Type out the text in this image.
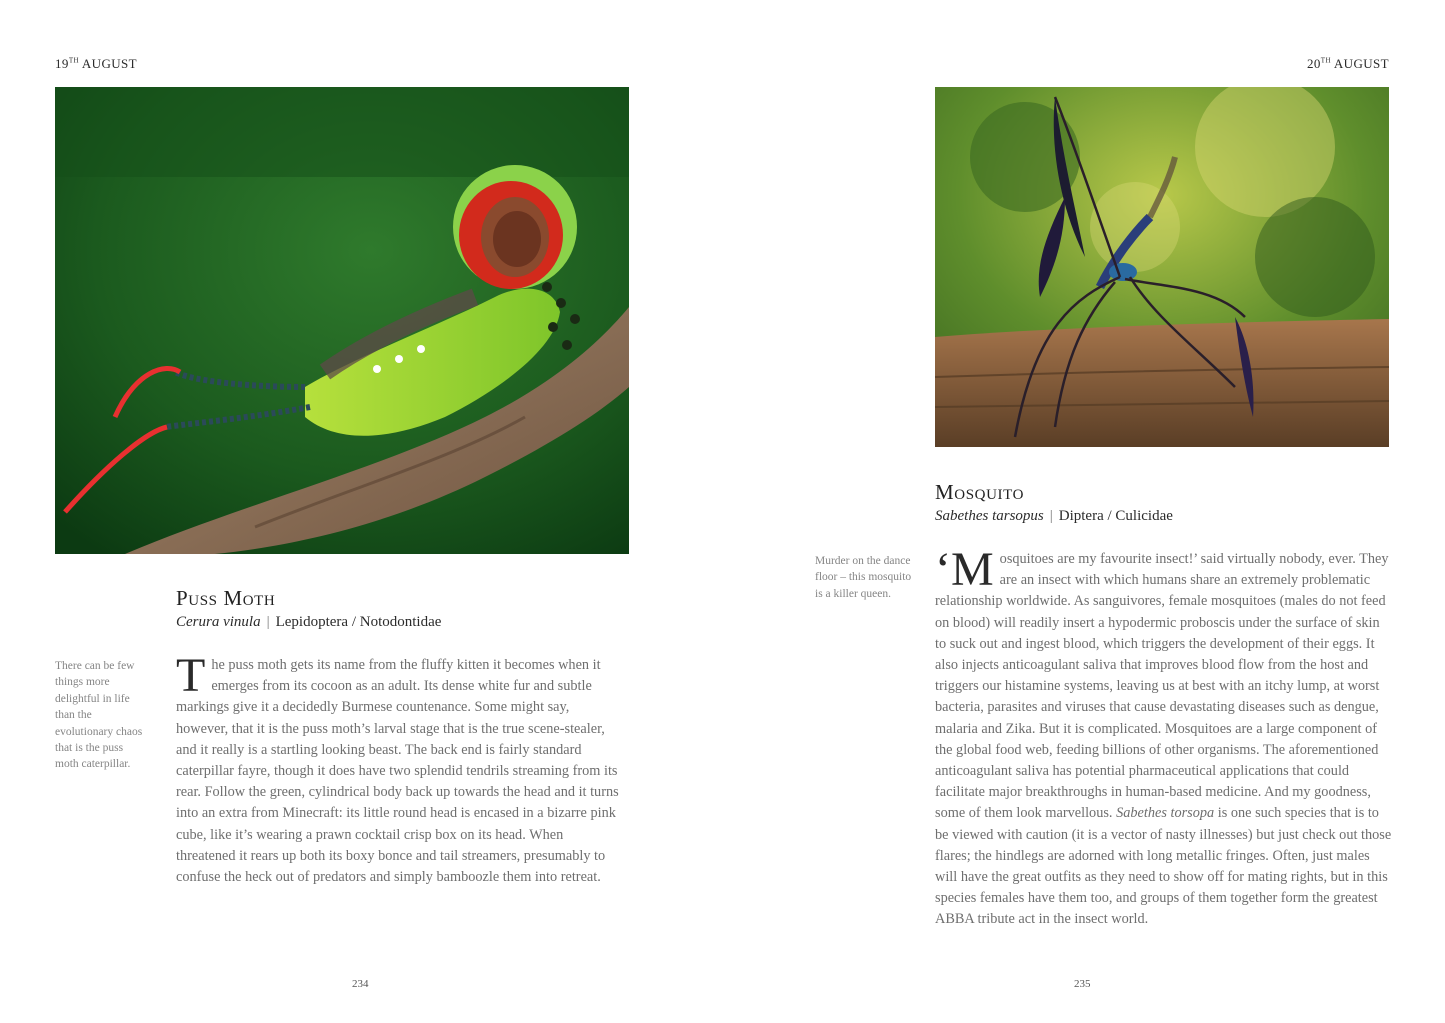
19TH AUGUST
Puss Moth
Cerura vinula | Lepidoptera / Notodontidae
There can be few things more delightful in life than the evolutionary chaos that is the puss moth caterpillar.
The puss moth gets its name from the fluffy kitten it becomes when it emerges from its cocoon as an adult. Its dense white fur and subtle markings give it a decidedly Burmese countenance. Some might say, however, that it is the puss moth’s larval stage that is the true scene-stealer, and it really is a startling looking beast. The back end is fairly standard caterpillar fayre, though it does have two splendid tendrils streaming from its rear. Follow the green, cylindrical body back up towards the head and it turns into an extra from Minecraft: its little round head is encased in a bizarre pink cube, like it’s wearing a prawn cocktail crisp box on its head. When threatened it rears up both its boxy bonce and tail streamers, presumably to confuse the heck out of predators and simply bamboozle them into retreat.
234
20TH AUGUST
Mosquito
Sabethes tarsopus | Diptera / Culicidae
Murder on the dance floor – this mosquito is a killer queen. ‘Mosquitoes are my favourite insect!’ said virtually nobody, ever. They are an insect with which humans share an extremely problematic relationship worldwide. As sanguivores, female mosquitoes (males do not feed on blood) will readily insert a hypodermic proboscis under the surface of skin to suck out and ingest blood, which triggers the development of their eggs. It also injects anticoagulant saliva that improves blood flow from the host and triggers our histamine systems, leaving us at best with an itchy lump, at worst bacteria, parasites and viruses that cause devastating diseases such as dengue, malaria and Zika. But it is complicated. Mosquitoes are a large component of the global food web, feeding billions of other organisms. The aforementioned anticoagulant saliva has potential pharmaceutical applications that could facilitate major breakthroughs in human-based medicine. And my goodness, some of them look marvellous. Sabethes torsopa is one such species that is to be viewed with caution (it is a vector of nasty illnesses) but just check out those flares; the hindlegs are adorned with long metallic fringes. Often, just males will have the great outfits as they need to show off for mating rights, but in this species females have them too, and groups of them together form the greatest ABBA tribute act in the insect world.
235
